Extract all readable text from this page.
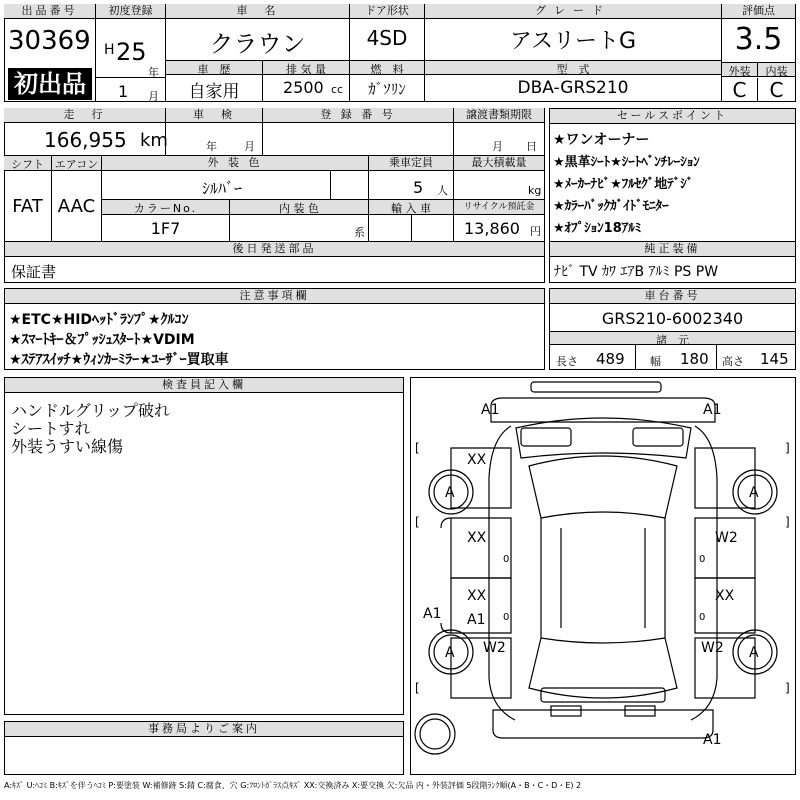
出品番号
30369
初出品
初度登録
H 25
年
1 月
車　名
クラウン
ドア形状
4SD
グレード
アスリートG
評価点
3.5
外装	内装
C	C
車　歴
自家用
排 気 量
2500 cc
燃　料
ｶﾞｿﾘﾝ
型　式
DBA-GRS210
走　行
166,955 km
車　検
年 月
登 録 番 号	譲渡書類期限
月 日
シフト
FAT
エアコン
AAC
外 装 色
ｼﾙﾊﾞｰ
乗車定員
5 人
最大積載量
kg
カラーNo.
1F7
内 装 色
系
輸 入 車	リサイクル預託金
13,860 円
セールスポイント
★ワンオーナー
★黒革ｼｰﾄ★ｼｰﾄﾍﾞﾝﾁﾚｰｼｮﾝ
★ﾒｰｶｰﾅﾋﾞ★ﾌﾙｾｸﾞ地ﾃﾞｼﾞ
★ｶﾗｰﾊﾞｯｸｶﾞｲﾄﾞﾓﾆﾀｰ
★ｵﾌﾟｼｮﾝ18ｱﾙﾐ
後日発送部品
保証書
純正装備
ﾅﾋﾞ TV ｶﾜ ｴｱB ｱﾙﾐ PS PW
注意事項欄
★ETC★HIDﾍｯﾄﾞﾗﾝﾌﾟ★ｸﾙｺﾝ
★ｽﾏｰﾄｷｰ＆ﾌﾟｯｼｭｽﾀｰﾄ★VDIM
★ｽﾃｱｽｲｯﾁ★ｳｨﾝｶｰﾐﾗｰ★ﾕｰｻﾞｰ買取車
車台番号
GRS210-6002340
諸　元
長さ 489 幅 180 高さ 145
検査員記入欄
ハンドルグリップ破れ
シートすれ
外装うすい線傷
事務局よりご案内
A1	A1
XX
A	A
XX	W2
XX
A1
XX
A1
W2	W2
A	A
A1
0	0
0	0
[	]
[	]
[	]
A:ｷｽﾞ U:ﾍｺﾐ B:ｷｽﾞを伴うﾍｺﾐ P:要塗装 W:補修跡 S:錆 C:腐食、穴 G:ﾌﾛﾝﾄｶﾞﾗｽ点ｷｽﾞ XX:交換済み X:要交換 欠:欠品 内・外装評価 5段階ﾗﾝｸ順(A・B・C・D・E) 2
